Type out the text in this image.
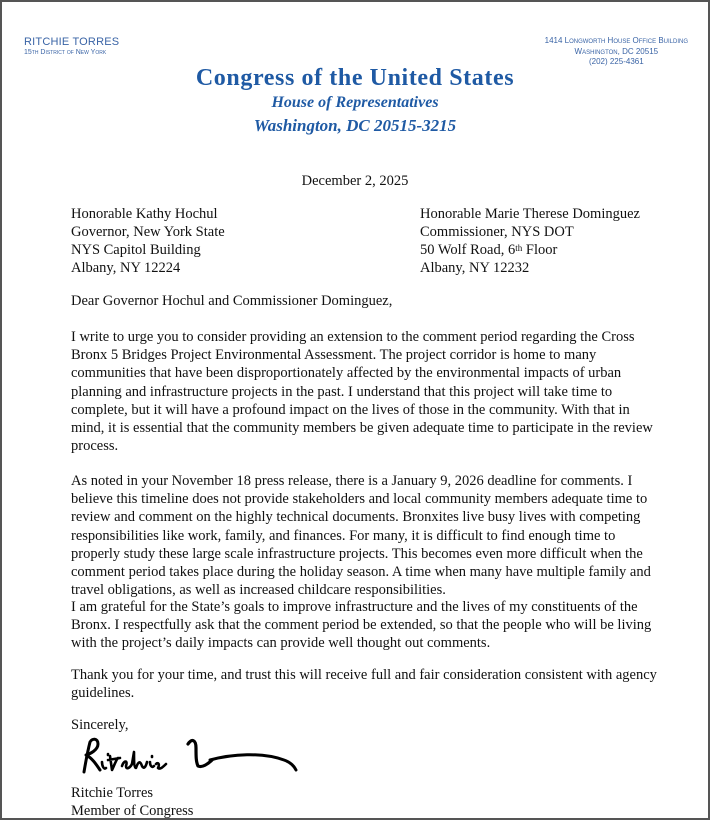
RITCHIE TORRES
15th District of New York
1414 Longworth House Office Building
Washington, DC 20515
(202) 225-4361
Congress of the United States
House of Representatives
Washington, DC 20515-3215
December 2, 2025
Honorable Kathy Hochul
Governor, New York State
NYS Capitol Building
Albany, NY 12224
Honorable Marie Therese Dominguez
Commissioner, NYS DOT
50 Wolf Road, 6th Floor
Albany, NY 12232
Dear Governor Hochul and Commissioner Dominguez,
I write to urge you to consider providing an extension to the comment period regarding the Cross Bronx 5 Bridges Project Environmental Assessment. The project corridor is home to many communities that have been disproportionately affected by the environmental impacts of urban planning and infrastructure projects in the past. I understand that this project will take time to complete, but it will have a profound impact on the lives of those in the community. With that in mind, it is essential that the community members be given adequate time to participate in the review process.
As noted in your November 18 press release, there is a January 9, 2026 deadline for comments. I believe this timeline does not provide stakeholders and local community members adequate time to review and comment on the highly technical documents. Bronxites live busy lives with competing responsibilities like work, family, and finances. For many, it is difficult to find enough time to properly study these large scale infrastructure projects. This becomes even more difficult when the comment period takes place during the holiday season. A time when many have multiple family and travel obligations, as well as increased childcare responsibilities.
I am grateful for the State’s goals to improve infrastructure and the lives of my constituents of the Bronx. I respectfully ask that the comment period be extended, so that the people who will be living with the project’s daily impacts can provide well thought out comments.
Thank you for your time, and trust this will receive full and fair consideration consistent with agency guidelines.
Sincerely,
Ritchie Torres
Member of Congress
